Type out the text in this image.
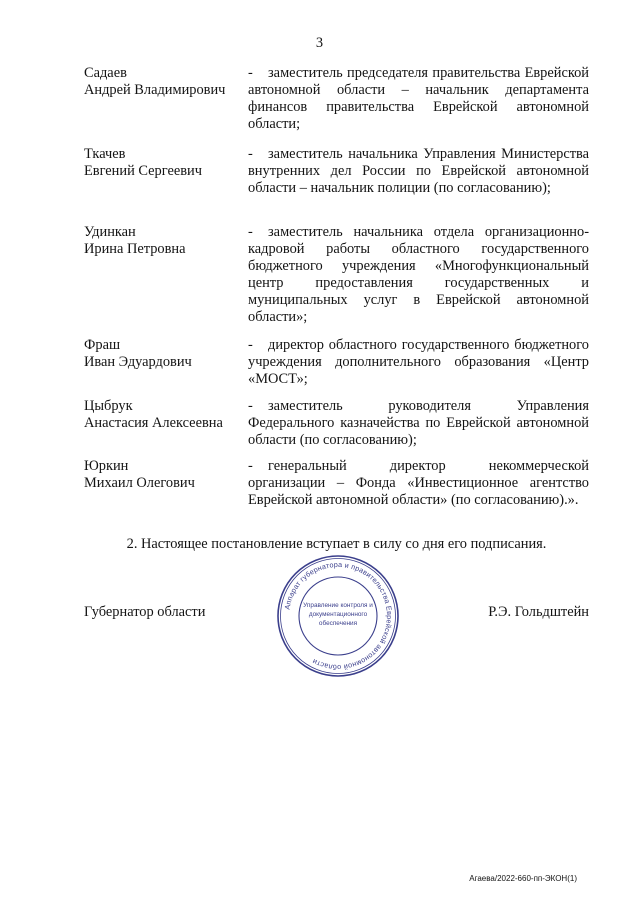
3
Садаев
Андрей Владимирович
- заместитель председателя правительства Еврейской автономной области – начальник департамента финансов правительства Еврейской автономной области;
Ткачев
Евгений Сергеевич
- заместитель начальника Управления Министерства внутренних дел России по Еврейской автономной области – начальник полиции (по согласованию);
Удинкан
Ирина Петровна
- заместитель начальника отдела организационно-кадровой работы областного государственного бюджетного учреждения «Многофункциональный центр предоставления государственных и муниципальных услуг в Еврейской автономной области»;
Фраш
Иван Эдуардович
- директор областного государственного бюджетного учреждения дополнительного образования «Центр «МОСТ»;
Цыбрук
Анастасия Алексеевна
- заместитель руководителя Управления Федерального казначейства по Еврейской автономной области (по согласованию);
Юркин
Михаил Олегович
- генеральный директор некоммерческой организации – Фонда «Инвестиционное агентство Еврейской автономной области» (по согласованию).».
2. Настоящее постановление вступает в силу со дня его подписания.
Губернатор области	Аппарат губернатора и правительства Еврейской автономной области
Управление контроля и
документационного
обеспечения
Р.Э. Гольдштейн
Агаева/2022-660-пп-ЭКОН(1)
